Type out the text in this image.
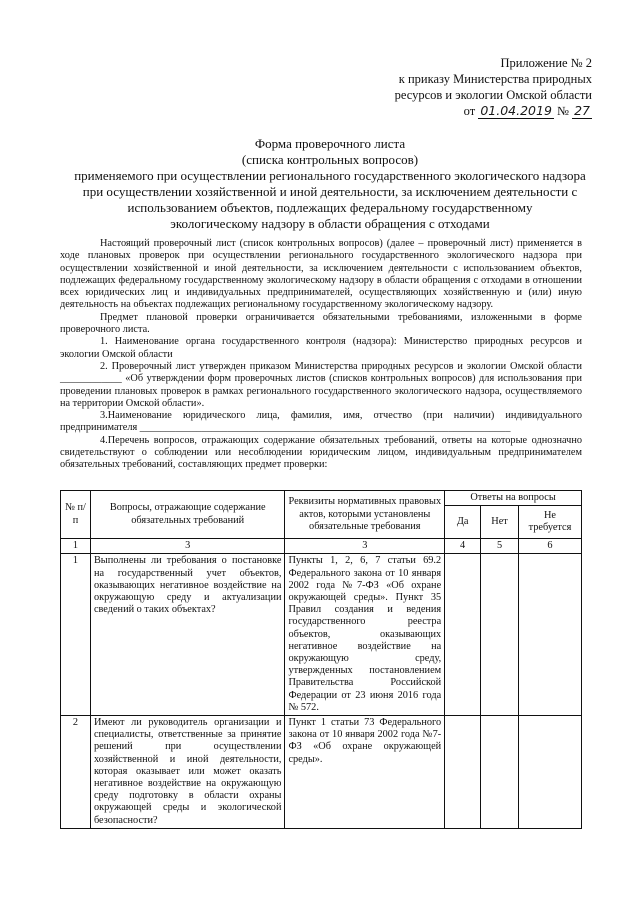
Приложение № 2
к приказу Министерства природных
ресурсов и экологии Омской области
от 01.04.2019 № 27
Форма проверочного листа
(списка контрольных вопросов)
применяемого при осуществлении регионального государственного экологического надзора
при осуществлении хозяйственной и иной деятельности, за исключением деятельности с
использованием объектов, подлежащих федеральному государственному
экологическому надзору в области обращения с отходами

Настоящий проверочный лист (список контрольных вопросов) (далее – проверочный лист) применяется в ходе плановых проверок при осуществлении регионального государственного экологического надзора при осуществлении хозяйственной и иной деятельности, за исключением деятельности с использованием объектов, подлежащих федеральному государственному экологическому надзору в области обращения с отходами в отношении всех юридических лиц и индивидуальных предпринимателей, осуществляющих хозяйственную и (или) иную деятельность на объектах подлежащих региональному государственному экологическому надзору.

Предмет плановой проверки ограничивается обязательными требованиями, изложенными в форме проверочного листа.

1. Наименование органа государственного контроля (надзора): Министерство природных ресурсов и экологии Омской области

2. Проверочный лист утвержден приказом Министерства природных ресурсов и экологии Омской области ____________ «Об утверждении форм проверочных листов (списков контрольных вопросов) для использования при проведении плановых проверок в рамках регионального государственного экологического надзора, осуществляемого на территории Омской области».

3.Наименование юридического лица, фамилия, имя, отчество (при наличии) индивидуального предпринимателя ________________________________________________________________________

4.Перечень вопросов, отражающих содержание обязательных требований, ответы на которые однозначно свидетельствуют о соблюдении или несоблюдении юридическим лицом, индивидуальным предпринимателем обязательных требований, составляющих предмет проверки:

№ п/п	Вопросы, отражающие содержание обязательных требований	Реквизиты нормативных правовых актов, которыми установлены обязательные требования	Ответы на вопросы		
			Да	Нет	Не требуется
1	3	3	4	5	6
1	Выполнены ли требования о постановке на государственный учет объектов, оказывающих негативное воздействие на окружающую среду и актуализации сведений о таких объектах?	Пункты 1, 2, 6, 7 статьи 69.2 Федерального закона от 10 января 2002 года №7-ФЗ «Об охране окружающей среды». Пункт 35 Правил создания и ведения государственного реестра объектов, оказывающих негативное воздействие на окружающую среду, утвержденных постановлением Правительства Российской Федерации от 23 июня 2016 года № 572.			
2	Имеют ли руководитель организации и специалисты, ответственные за принятие решений при осуществлении хозяйственной и иной деятельности, которая оказывает или может оказать негативное воздействие на окружающую среду подготовку в области охраны окружающей среды и экологической безопасности?	Пункт 1 статьи 73 Федерального закона от 10 января 2002 года №7-ФЗ «Об охране окружающей среды».			
